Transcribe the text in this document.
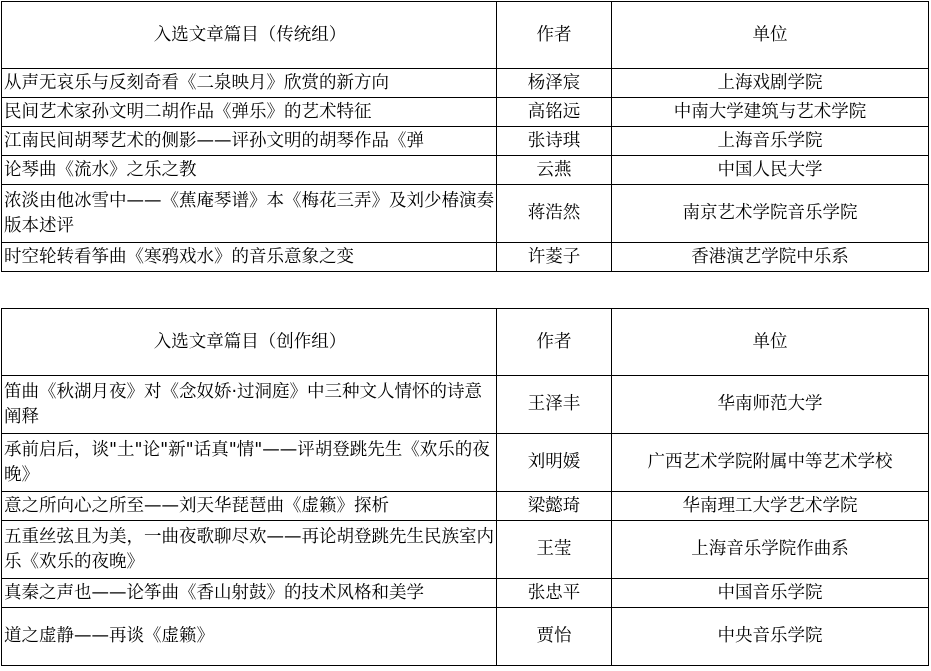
入选文章篇目（传统组）	作者	单位
从声无哀乐与反刻奇看《二泉映月》欣赏的新方向	杨泽宸	上海戏剧学院
民间艺术家孙文明二胡作品《弹乐》的艺术特征	高铭远	中南大学建筑与艺术学院
江南民间胡琴艺术的侧影——评孙文明的胡琴作品《弹	张诗琪	上海音乐学院
论琴曲《流水》之乐之教	云燕	中国人民大学
浓淡由他冰雪中——《蕉庵琴谱》本《梅花三弄》及刘少椿演奏版本述评	蒋浩然	南京艺术学院音乐学院
时空轮转看筝曲《寒鸦戏水》的音乐意象之变	许菱子	香港演艺学院中乐系
入选文章篇目（创作组）	作者	单位
笛曲《秋湖月夜》对《念奴娇·过洞庭》中三种文人情怀的诗意阐释	王泽丰	华南师范大学
承前启后，谈"土"论"新"话真"情"——评胡登跳先生《欢乐的夜晚》	刘明媛	广西艺术学院附属中等艺术学校
意之所向心之所至——刘天华琵琶曲《虚籁》探析	梁懿琦	华南理工大学艺术学院
五重丝弦且为美，一曲夜歌聊尽欢——再论胡登跳先生民族室内乐《欢乐的夜晚》	王莹	上海音乐学院作曲系
真秦之声也——论筝曲《香山射鼓》的技术风格和美学	张忠平	中国音乐学院
道之虚静——再谈《虚籁》	贾怡	中央音乐学院
